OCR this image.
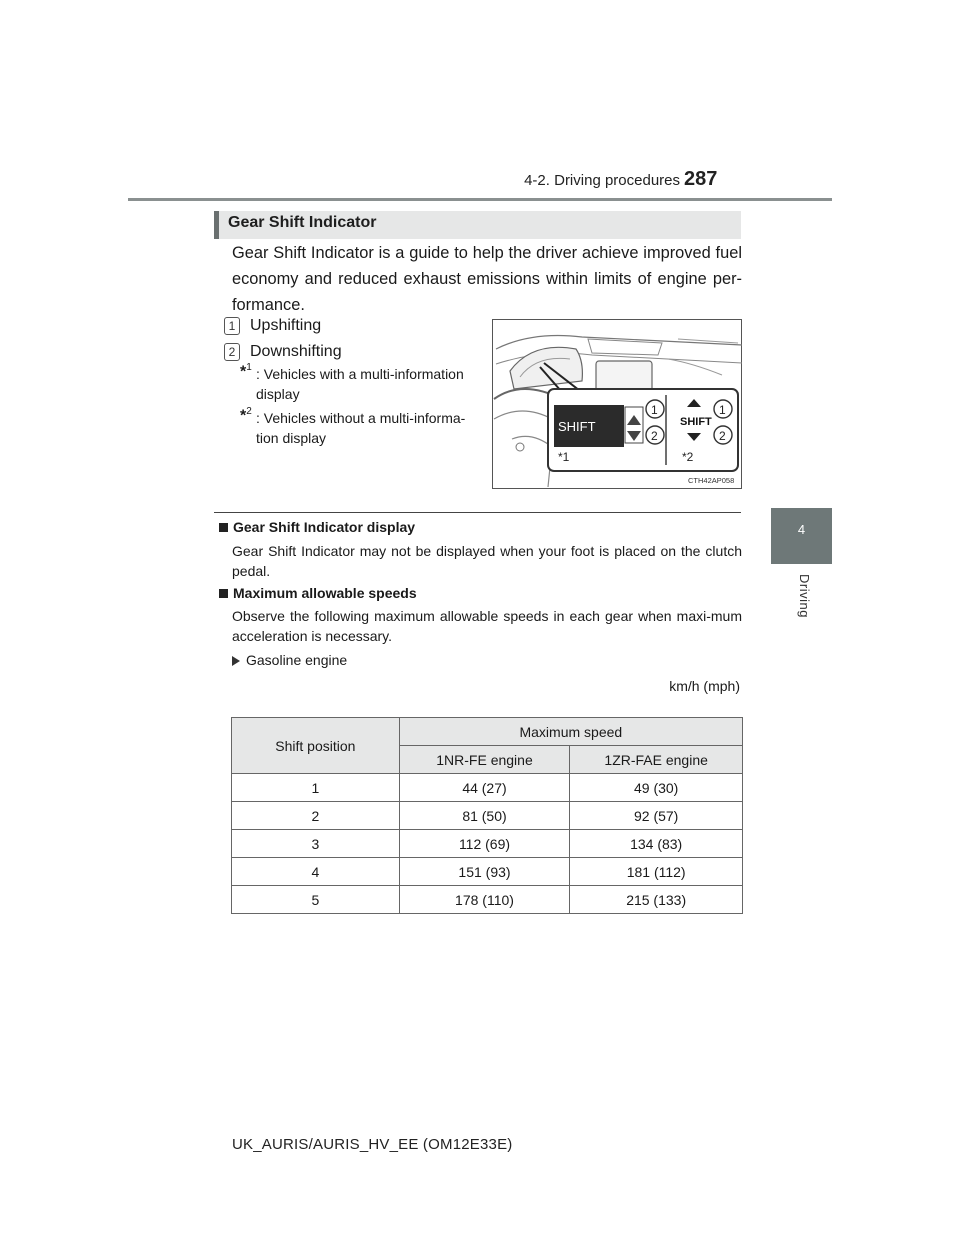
4-2. Driving procedures 287
4
Driving
Gear Shift Indicator
Gear Shift Indicator is a guide to help the driver achieve improved fuel economy and reduced exhaust emissions within limits of engine per-formance.
1 Upshifting
2 Downshifting
*$^1$ : Vehicles with a multi-information display
*$^2$ : Vehicles without a multi-informa-tion display
SHIFT	SHIFT
1
2
1
2
*1	*2
CTH42AP058
Gear Shift Indicator display
Gear Shift Indicator may not be displayed when your foot is placed on the clutch pedal.
Maximum allowable speeds
Observe the following maximum allowable speeds in each gear when maxi-mum acceleration is necessary.
Gasoline engine
km/h (mph)
Shift position	Maximum speed	
	1NR-FE engine	1ZR-FAE engine
1	44 (27)	49 (30)
2	81 (50)	92 (57)
3	112 (69)	134 (83)
4	151 (93)	181 (112)
5	178 (110)	215 (133)
UK_AURIS/AURIS_HV_EE (OM12E33E)
